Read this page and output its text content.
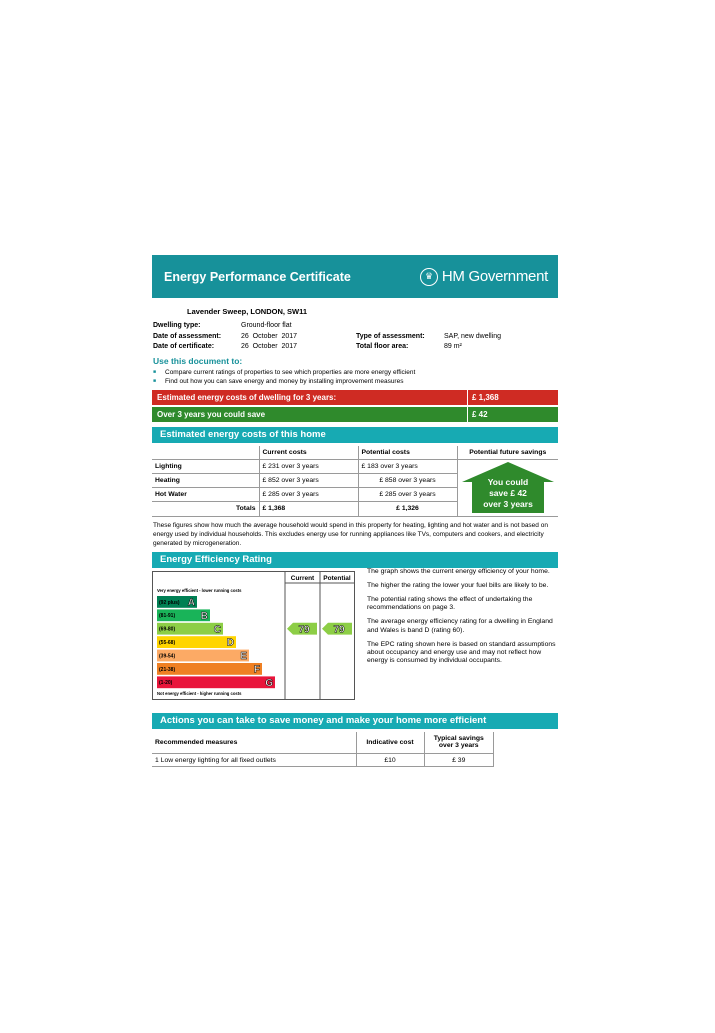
Energy Performance Certificate	♛ HM Government
Lavender Sweep, LONDON, SW11
Dwelling type:	Ground-floor flat
Date of assessment:	26  October  2017
Date of certificate:	26  October  2017
Type of assessment:	SAP, new dwelling
Total floor area:	89 m²
Use this document to:
■ Compare current ratings of properties to see which properties are more energy efficient
■ Find out how you can save energy and money by installing improvement measures
Estimated energy costs of dwelling for 3 years:	£ 1,368
Over 3 years you could save	£ 42
Estimated energy costs of this home
	Current costs	Potential costs	Potential future savings
Lighting	£ 231 over 3 years	£ 183 over 3 years	You could
save £ 42
over 3 years

Heating	£ 852 over 3 years	£ 858 over 3 years	
Hot Water	£ 285 over 3 years	£ 285 over 3 years	
Totals	£ 1,368	£ 1,326	
These figures show how much the average household would spend in this property for heating, lighting and hot water and is not based on energy used by individual households. This excludes energy use for running appliances like TVs, computers and cookers, and electricity generated by microgeneration.
Energy Efficiency Rating
Current Potential
Very energy efficient - lower running costs
Not energy efficient - higher running costs
(92 plus) A
(81-91)	B
(69-80)	C
(55-68)	D
(39-54)	E
(21-38)	F
(1-20)	G
79 79

The graph shows the current energy efficiency of your home.

The higher the rating the lower your fuel bills are likely to be.

The potential rating shows the effect of undertaking the recommendations on page 3.

The average energy efficiency rating for a dwelling in England and Wales is band D (rating 60).

The EPC rating shown here is based on standard assumptions about occupancy and energy use and may not reflect how energy is consumed by individual occupants.

Actions you can take to save money and make your home more efficient
Recommended measures	Indicative cost	Typical savings over 3 years
1 Low energy lighting for all fixed outlets	£10	£ 39
